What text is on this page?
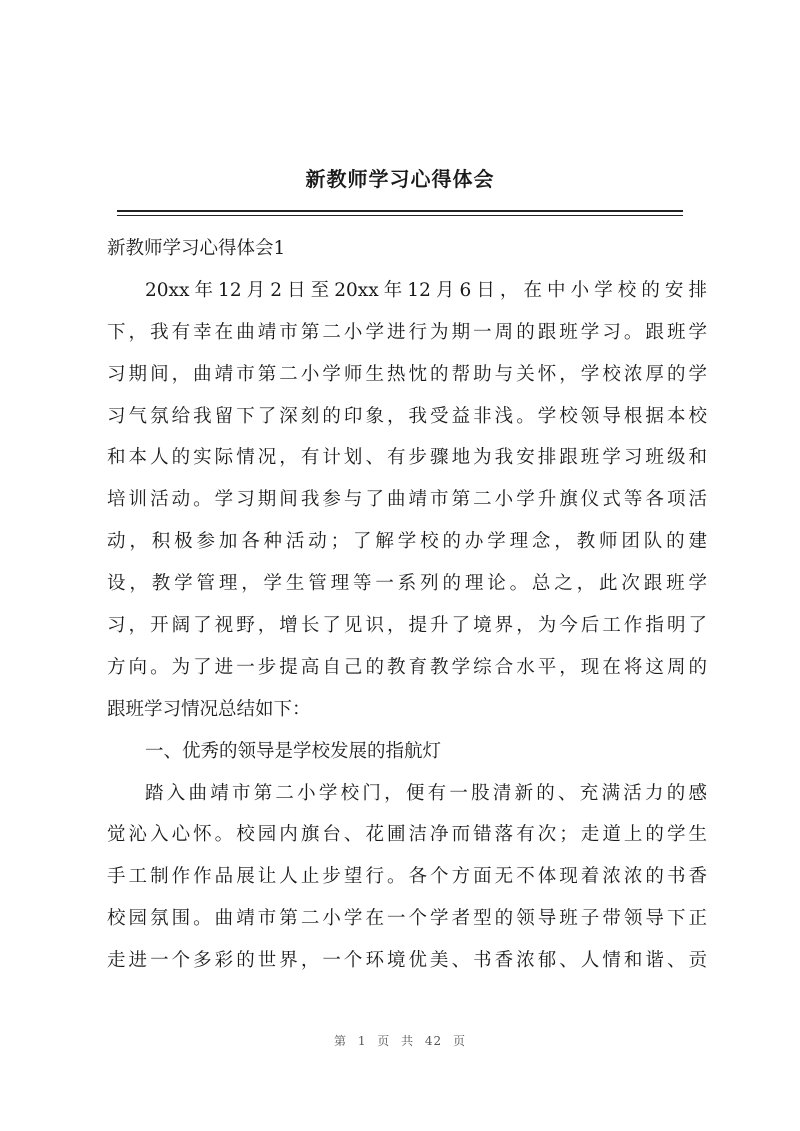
新教师学习心得体会
新教师学习心得体会1
20xx年12月2日至20xx年12月6日，在中小学校的安排
下，我有幸在曲靖市第二小学进行为期一周的跟班学习。跟班学
习期间，曲靖市第二小学师生热忱的帮助与关怀，学校浓厚的学
习气氛给我留下了深刻的印象，我受益非浅。学校领导根据本校
和本人的实际情况，有计划、有步骤地为我安排跟班学习班级和
培训活动。学习期间我参与了曲靖市第二小学升旗仪式等各项活
动，积极参加各种活动；了解学校的办学理念，教师团队的建
设，教学管理，学生管理等一系列的理论。总之，此次跟班学
习，开阔了视野，增长了见识，提升了境界，为今后工作指明了
方向。为了进一步提高自己的教育教学综合水平，现在将这周的
跟班学习情况总结如下：
一、优秀的领导是学校发展的指航灯
踏入曲靖市第二小学校门，便有一股清新的、充满活力的感
觉沁入心怀。校园内旗台、花圃洁净而错落有次；走道上的学生
手工制作作品展让人止步望行。各个方面无不体现着浓浓的书香
校园氛围。曲靖市第二小学在一个学者型的领导班子带领导下正
走进一个多彩的世界，一个环境优美、书香浓郁、人情和谐、贡
第 1 页 共 42 页
